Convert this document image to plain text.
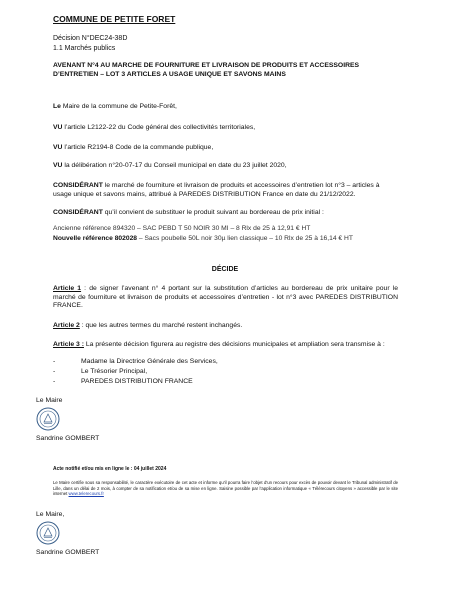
COMMUNE DE PETITE FORET
Décision N°DEC24-38D
1.1 Marchés publics
AVENANT N°4 AU MARCHE DE FOURNITURE ET LIVRAISON DE PRODUITS ET ACCESSOIRES D’ENTRETIEN – LOT 3 ARTICLES A USAGE UNIQUE ET SAVONS MAINS
Le Maire de la commune de Petite-Forêt,
VU l’article L2122-22 du Code général des collectivités territoriales,
VU l’article R2194-8 Code de la commande publique,
VU la délibération n°20-07-17 du Conseil municipal en date du 23 juillet 2020,
CONSIDÉRANT le marché de fourniture et livraison de produits et accessoires d’entretien lot n°3 – articles à usage unique et savons mains, attribué à PAREDES DISTRIBUTION France en date du 21/12/2022.
CONSIDÉRANT qu’il convient de substituer le produit suivant au bordereau de prix initial :
Ancienne référence 894320 – SAC PEBD T 50 NOIR 30 MI – 8 Rlx de 25 à 12,91 € HT
Nouvelle référence 802028 – Sacs poubelle 50L noir 30µ lien classique – 10 Rlx de 25 à 16,14 € HT
DÉCIDE
Article 1 : de signer l’avenant n° 4 portant sur la substitution d’articles au bordereau de prix unitaire pour le marché de fourniture et livraison de produits et accessoires d’entretien - lot n°3 avec PAREDES DISTRIBUTION FRANCE.
Article 2 : que les autres termes du marché restent inchangés.
Article 3 : La présente décision figurera au registre des décisions municipales et ampliation sera transmise à :
-	Madame la Directrice Générale des Services,
-	Le Trésorier Principal,
-	PAREDES DISTRIBUTION FRANCE
Le Maire
Sandrine GOMBERT
Acte notifié et/ou mis en ligne le : 04 juillet 2024
Le Maire certifie sous sa responsabilité, le caractère exécutoire de cet acte et informe qu’il pourra faire l’objet d’un recours pour excès de pouvoir devant le Tribunal administratif de Lille, dans un délai de 2 mois, à compter de sa notification et/ou de sa mise en ligne. Saisine possible par l’application informatique « Télérecours citoyens » accessible par le site internet www.telerecours.fr
Le Maire,
Sandrine GOMBERT
